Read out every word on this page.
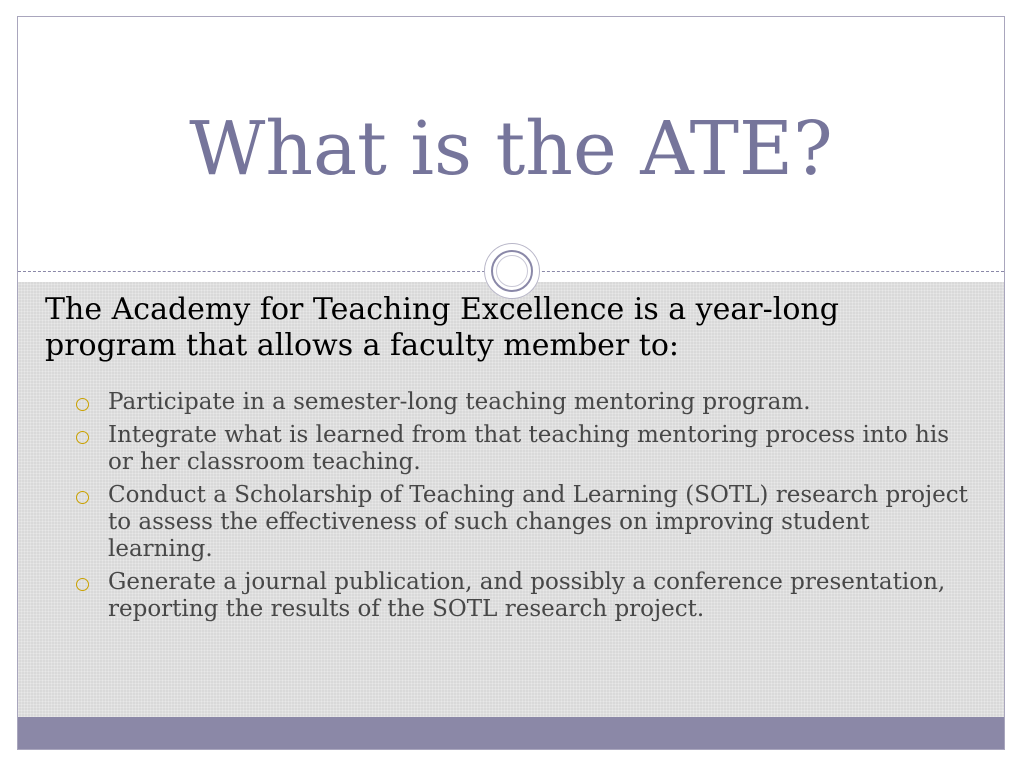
What is the ATE?

The Academy for Teaching Excellence is a year-long program that allows a faculty member to:

Participate in a semester-long teaching mentoring program.
Integrate what is learned from that teaching mentoring process into his or her classroom teaching.
Conduct a Scholarship of Teaching and Learning (SOTL) research project to assess the effectiveness of such changes on improving student learning.
Generate a journal publication, and possibly a conference presentation, reporting the results of the SOTL research project.
